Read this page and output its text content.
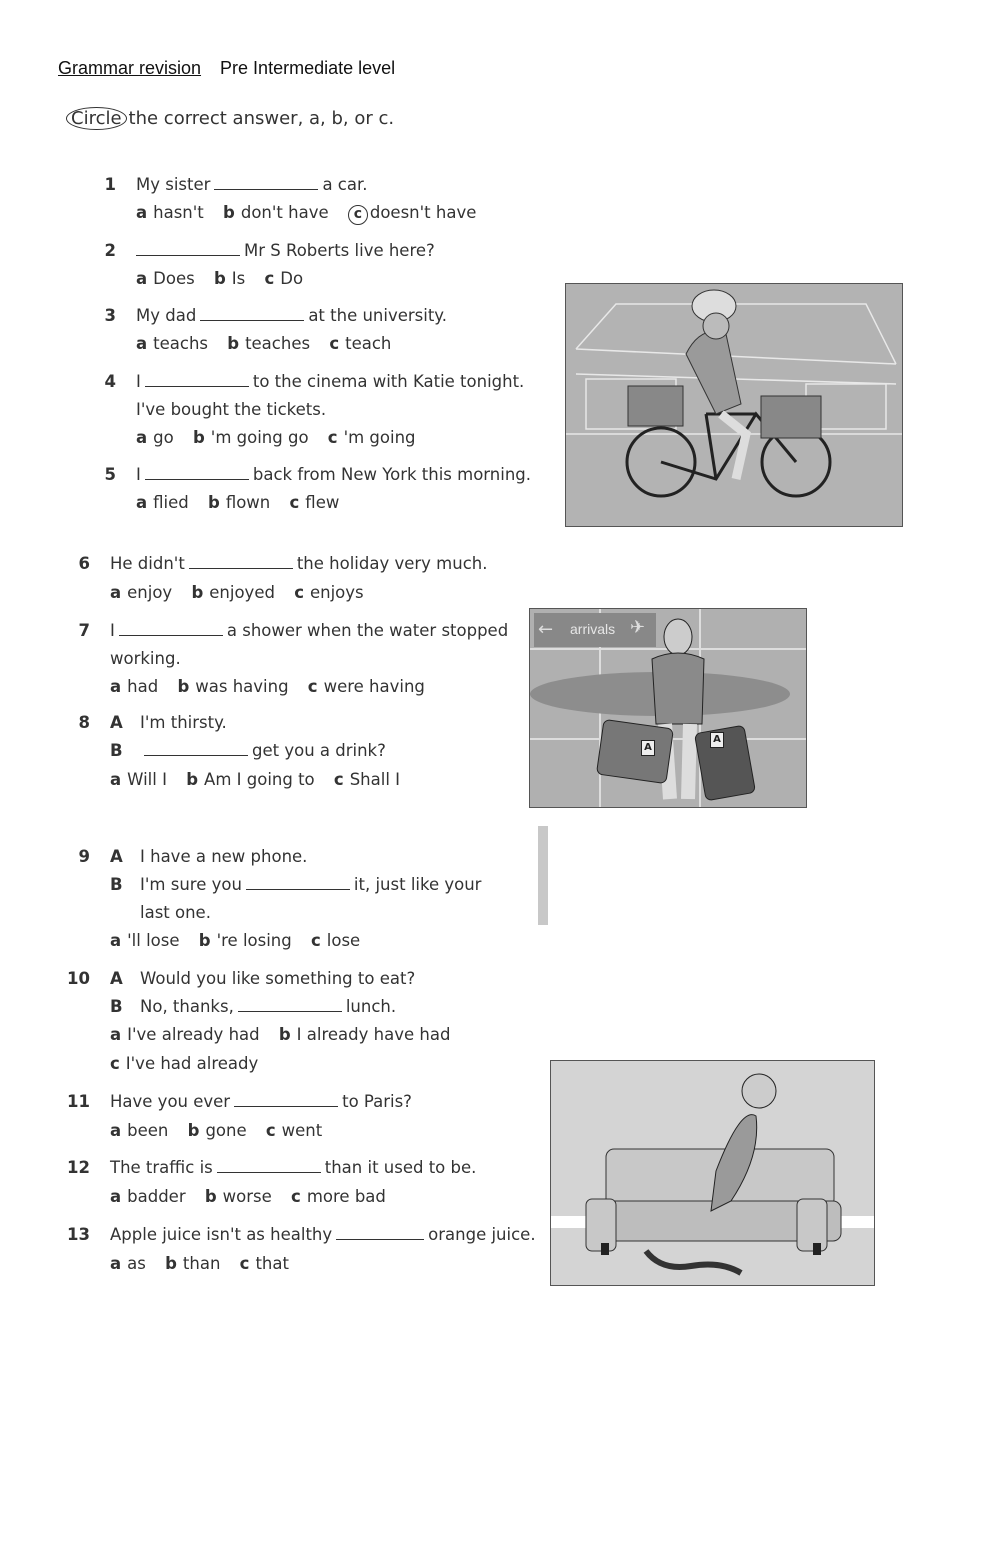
Grammar revision Pre Intermediate level
Circle the correct answer, a, b, or c.
1 My sister	a car.
a hasn't b don't have c doesn't have
2	Mr S Roberts live here?
a Does b Is c Do
3 My dad	at the university.
a teachs b teaches c teach
4 I	to the cinema with Katie tonight.
I've bought the tickets.
a go b 'm going go c 'm going
5 I	back from New York this morning.
a flied b flown c flew
6 He didn't	the holiday very much.
a enjoy b enjoyed c enjoys
7 I	a shower when the water stopped
working.
a had b was having c were having
8 A I'm thirsty.
B	get you a drink?
a Will I b Am I going to c Shall I
9 A I have a new phone.
B I'm sure you	it, just like your
last one.
a 'll lose b 're losing c lose
10 A Would you like something to eat?
B No, thanks,	lunch.
a I've already had b I already have had
c I've had already
11 Have you ever	to Paris?
a been b gone c went
12 The traffic is	than it used to be.
a badder b worse c more bad
13 Apple juice isn't as healthy	orange juice.
a as b than c that
← arrivals ✈
A
A
